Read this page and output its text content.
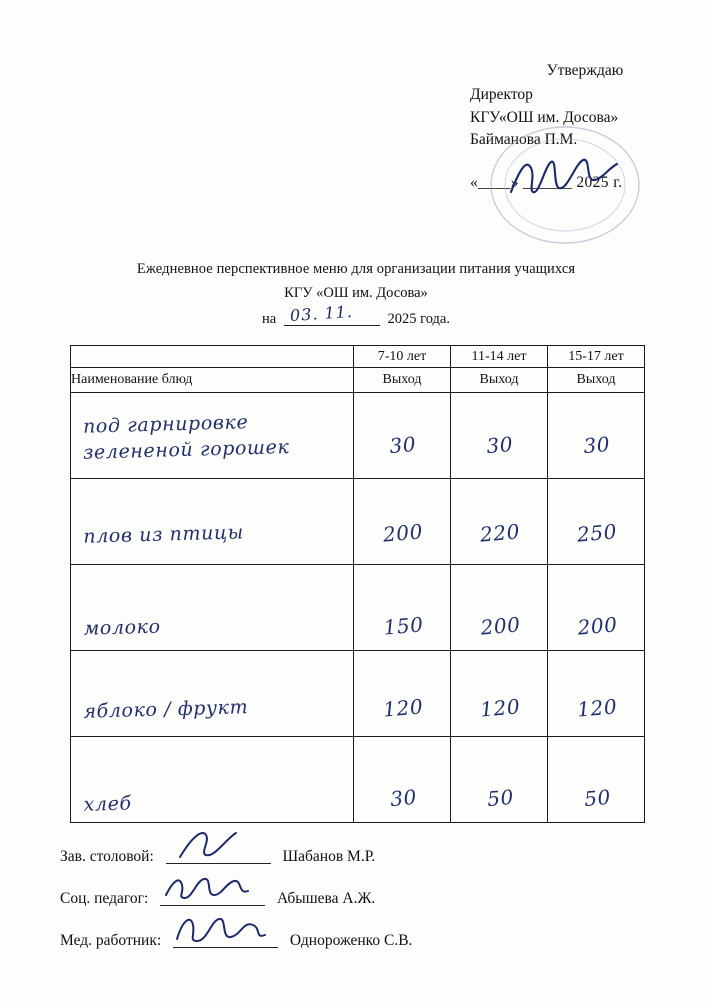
Утверждаю
Директор
КГУ«ОШ им. Досова»
Байманова П.М.
«____» ______ 2025 г.
Ежедневное перспективное меню для организации питания учащихся
КГУ «ОШ им. Досова»
на 03. 11. 2025 года.
	7-10 лет	11-14 лет	15-17 лет
Наименование блюд	Выход	Выход	Выход

под гарнировке
зелененой горошек	30	30	30

плов из птицы	200	220	250

молоко	150	200	200

яблоко / фрукт	120	120	120

хлеб	30	50	50
Зав. столовой:	Шабанов М.Р.
Соц. педагог:	Абышева А.Ж.
Мед. работник:	Однороженко С.В.
